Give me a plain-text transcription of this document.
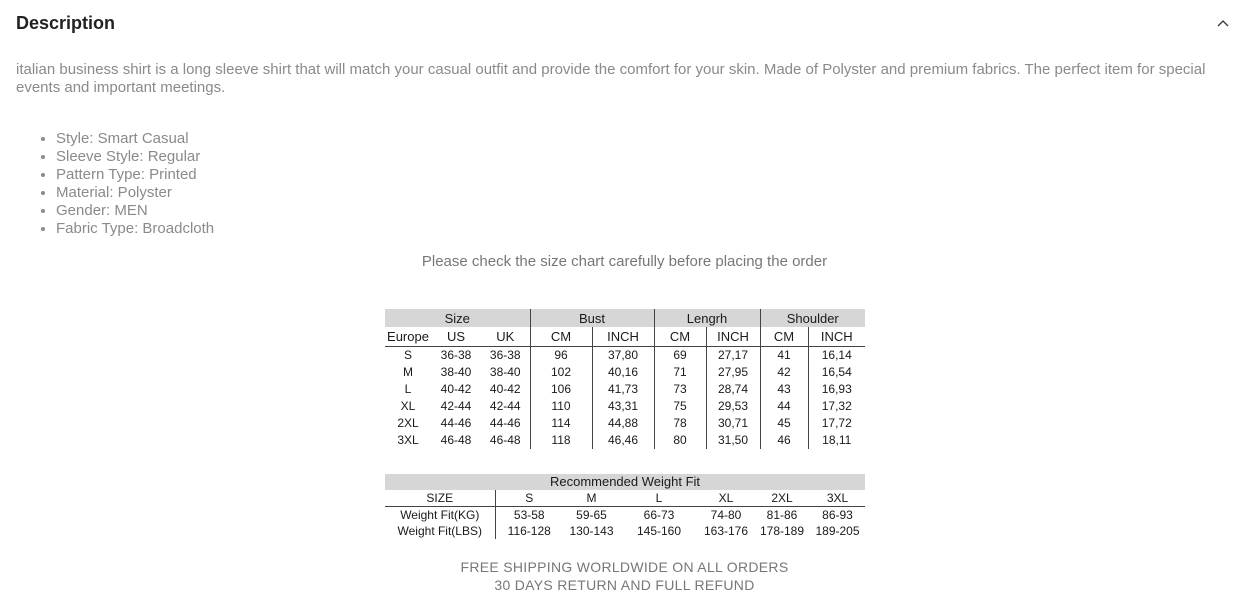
Description

italian business shirt is a long sleeve shirt that will match your casual outfit and provide the comfort for your skin. Made of Polyster and premium fabrics. The perfect item for special events and important meetings.

• Style: Smart Casual
• Sleeve Style: Regular
• Pattern Type: Printed
• Material: Polyster
• Gender: MEN
• Fabric Type: Broadcloth
Please check the size chart carefully before placing the order
Size			Bust		Lengrh		Shoulder	
Europe	US	UK	CM	INCH	CM	INCH	CM	INCH
S	36-38	36-38	96	37,80	69	27,17	41	16,14
M	38-40	38-40	102	40,16	71	27,95	42	16,54
L	40-42	40-42	106	41,73	73	28,74	43	16,93
XL	42-44	42-44	110	43,31	75	29,53	44	17,32
2XL	44-46	44-46	114	44,88	78	30,71	45	17,72
3XL	46-48	46-48	118	46,46	80	31,50	46	18,11
Recommended Weight Fit						
SIZE	S	M	L	XL	2XL	3XL
Weight Fit(KG)	53-58	59-65	66-73	74-80	81-86	86-93
Weight Fit(LBS)	116-128	130-143	145-160	163-176	178-189	189-205
FREE SHIPPING WORLDWIDE ON ALL ORDERS
30 DAYS RETURN AND FULL REFUND
